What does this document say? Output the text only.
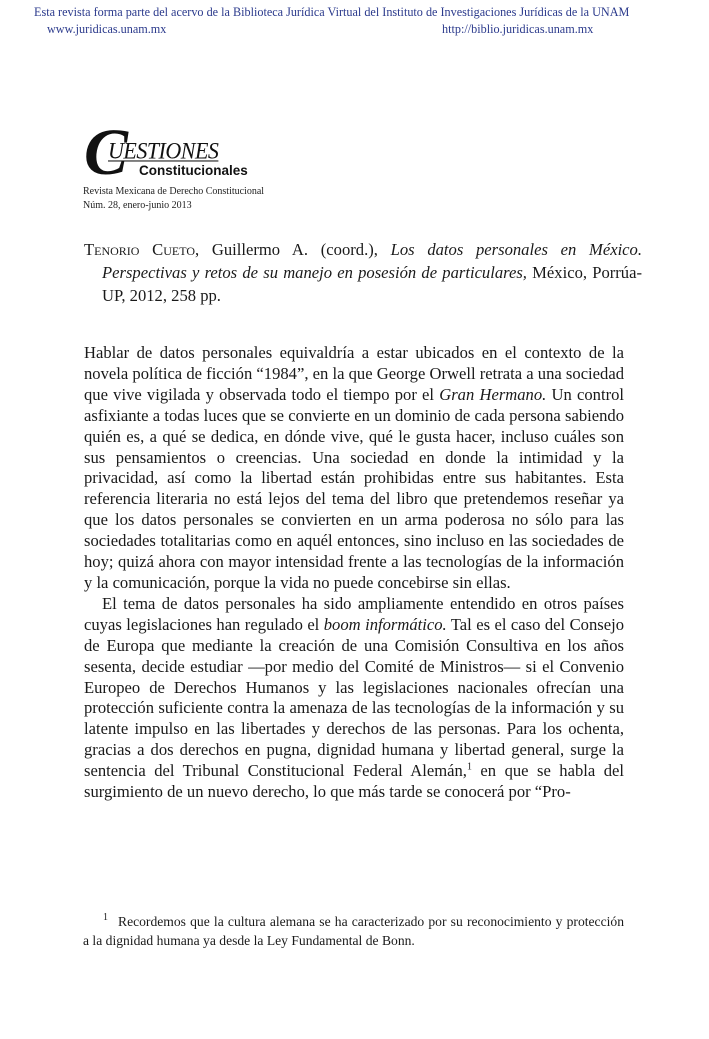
Esta revista forma parte del acervo de la Biblioteca Jurídica Virtual del Instituto de Investigaciones Jurídicas de la UNAM
www.juridicas.unam.mx	http://biblio.juridicas.unam.mx
C
UESTIONES
Constitucionales
Revista Mexicana de Derecho Constitucional
Núm. 28, enero-junio 2013
Tenorio Cueto, Guillermo A. (coord.), Los datos personales en México. Perspectivas y retos de su manejo en posesión de particulares, México, Porrúa-UP, 2012, 258 pp.

Hablar de datos personales equivaldría a estar ubicados en el contexto de la novela política de ficción “1984”, en la que George Orwell retrata a una sociedad que vive vigilada y observada todo el tiempo por el Gran Hermano. Un control asfixiante a todas luces que se convierte en un dominio de cada persona sabiendo quién es, a qué se dedica, en dónde vive, qué le gusta hacer, incluso cuáles son sus pensamientos o creencias. Una sociedad en donde la intimidad y la privacidad, así como la libertad están prohibidas entre sus habitantes. Esta referencia literaria no está lejos del tema del libro que pretendemos reseñar ya que los datos personales se convierten en un arma poderosa no sólo para las sociedades totalitarias como en aquél entonces, sino incluso en las sociedades de hoy; quizá ahora con mayor intensidad frente a las tecnologías de la información y la comunicación, porque la vida no puede concebirse sin ellas.

El tema de datos personales ha sido ampliamente entendido en otros países cuyas legislaciones han regulado el boom informático. Tal es el caso del Consejo de Europa que mediante la creación de una Comisión Consultiva en los años sesenta, decide estudiar —por medio del Comité de Ministros— si el Convenio Europeo de Derechos Humanos y las legislaciones nacionales ofrecían una protección suficiente contra la amenaza de las tecnologías de la información y su latente impulso en las libertades y derechos de las personas. Para los ochenta, gracias a dos derechos en pugna, dignidad humana y libertad general, surge la sentencia del Tribunal Constitucional Federal Alemán,$^1$ en que se habla del surgimiento de un nuevo derecho, lo que más tarde se conocerá por “Pro-

1 Recordemos que la cultura alemana se ha caracterizado por su reconocimiento y protección a la dignidad humana ya desde la Ley Fundamental de Bonn.
